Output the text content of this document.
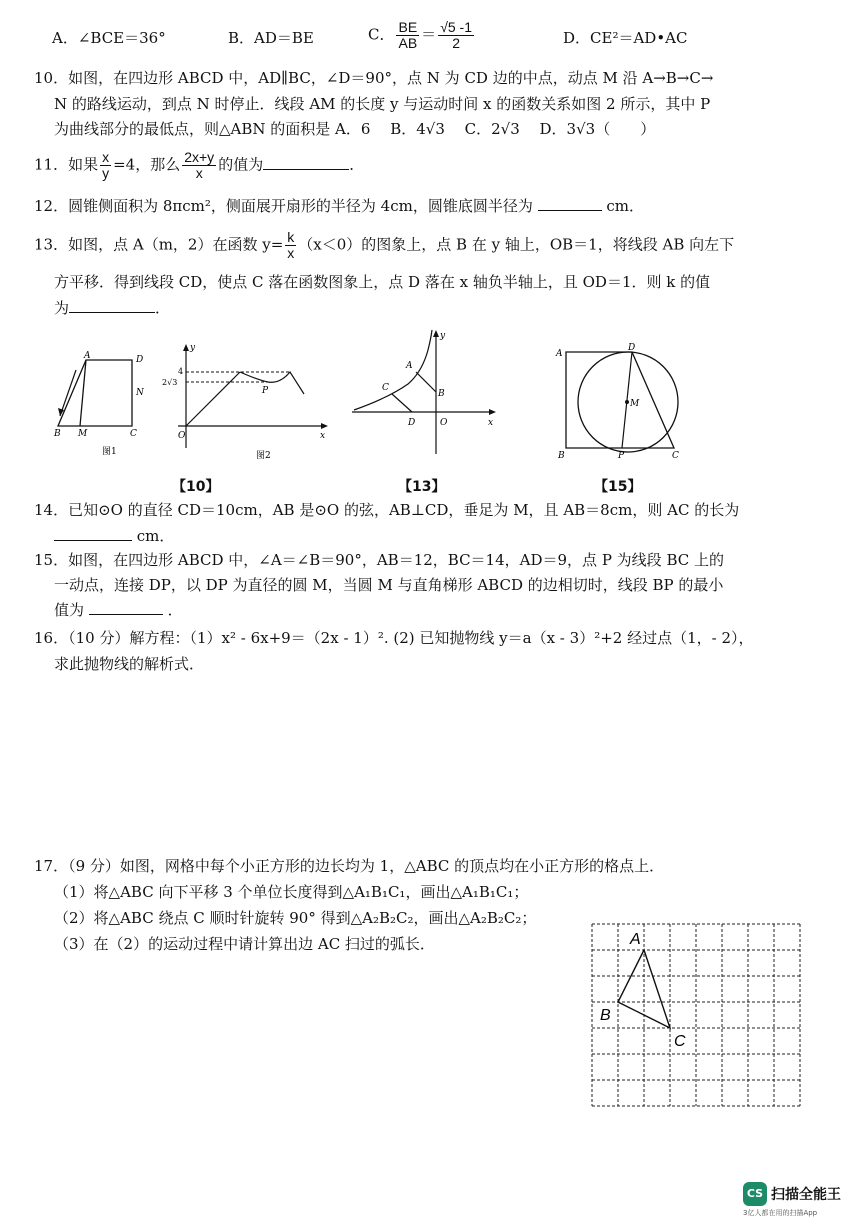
A．∠BCE＝36°	B．AD＝BE	C． $\frac{BE}{AB} = \frac{√5 -1}{2}$	D．CE²＝AD•AC
10．如图，在四边形 ABCD 中，AD∥BC，∠D＝90°，点 N 为 CD 边的中点，动点 M 沿 A→B→C→
N 的路线运动，到点 N 时停止．线段 AM 的长度 y 与运动时间 x 的函数关系如图 2 所示，其中 P
为曲线部分的最低点，则△ABN 的面积是 A．6　 B．4√3　 C．2√3　 D．3√3（　　）
11．如果 $\frac{x}{y} =4$，那么 $\frac{2x+y}{x}$ 的值为	．
12．圆锥侧面积为 8πcm²，侧面展开扇形的半径为 4cm，圆锥底圆半径为	cm．
13．如图，点 A（m，2）在函数 $y= \frac{k}{x} (x<0)$的图象上，点 B 在 y 轴上，OB＝1，将线段 AB 向左下
方平移．得到线段 CD，使点 C 落在函数图象上，点 D 落在 x 轴负半轴上，且 OD＝1．则 k 的值
为	．
A	D
N
B M	C
图1
y
4
2√3
P
O	x
图2
y
A
C
B
D	O	x
A
D
M
B	P	C
【10】	【13】	【15】
14．已知⊙O 的直径 CD＝10cm，AB 是⊙O 的弦，AB⊥CD，垂足为 M，且 AB＝8cm，则 AC 的长为
cm．
15．如图，在四边形 ABCD 中，∠A＝∠B＝90°，AB＝12，BC＝14，AD＝9，点 P 为线段 BC 上的
一动点，连接 DP，以 DP 为直径的圆 M，当圆 M 与直角梯形 ABCD 的边相切时，线段 BP 的最小
值为	．
16．（10 分）解方程：（1）x² - 6x+9＝（2x - 1）². (2) 已知抛物线 y＝a（x - 3）²+2 经过点（1，- 2），
求此抛物线的解析式．
17．（9 分）如图，网格中每个小正方形的边长均为 1，△ABC 的顶点均在小正方形的格点上．
（1）将△ABC 向下平移 3 个单位长度得到△A₁B₁C₁，画出△A₁B₁C₁；
（2）将△ABC 绕点 C 顺时针旋转 90° 得到△A₂B₂C₂，画出△A₂B₂C₂；
（3）在（2）的运动过程中请计算出边 AC 扫过的弧长．	A
B
C
CS 扫描全能王
3亿人都在用的扫描App
